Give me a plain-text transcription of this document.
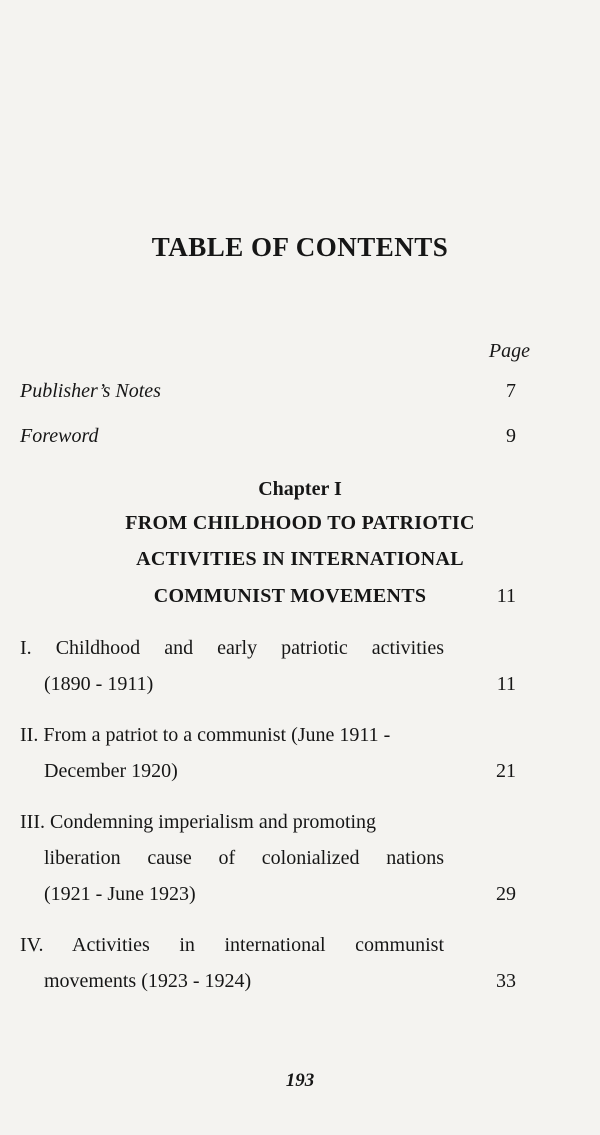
TABLE OF CONTENTS
Page
Publisher’s Notes	7
Foreword	9
Chapter I
FROM CHILDHOOD TO PATRIOTIC
ACTIVITIES IN INTERNATIONAL
COMMUNIST MOVEMENTS	11
I. Childhood and early patriotic activities
(1890 - 1911)	11
II. From a patriot to a communist (June 1911 -
December 1920)	21
III. Condemning imperialism and promoting
liberation cause of colonialized nations
(1921 - June 1923)	29
IV. Activities in international communist
movements (1923 - 1924)	33
193
